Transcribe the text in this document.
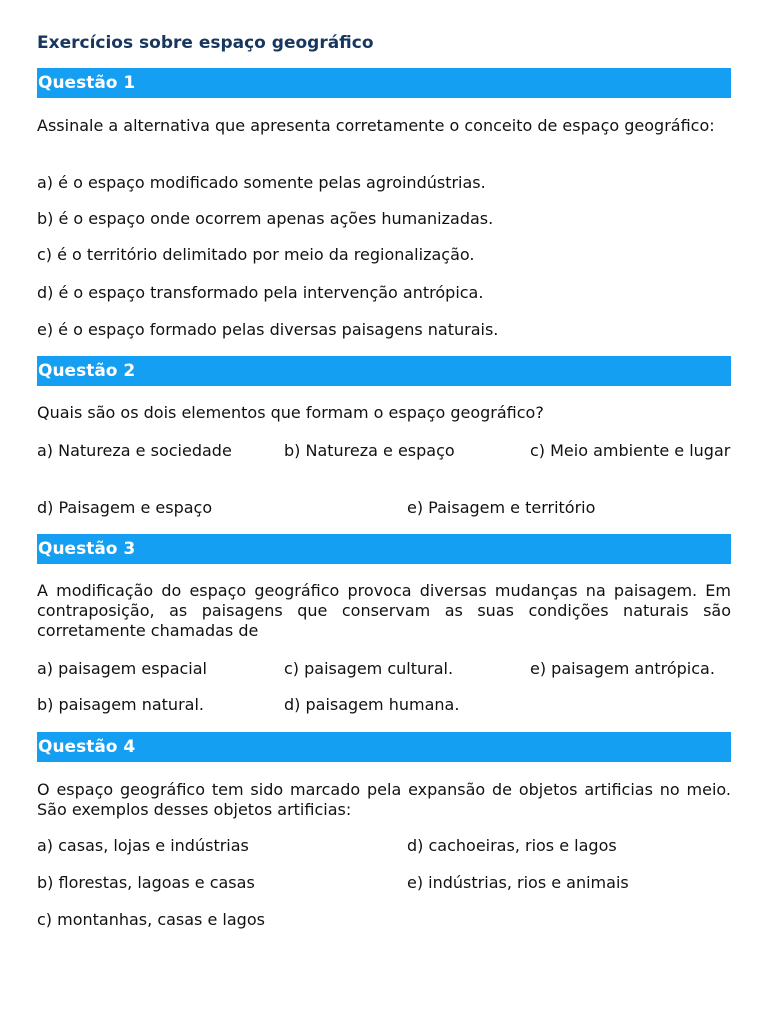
Exercícios sobre espaço geográfico
Questão 1
Assinale a alternativa que apresenta corretamente o conceito de espaço geográfico:
a) é o espaço modificado somente pelas agroindústrias.
b) é o espaço onde ocorrem apenas ações humanizadas.
c) é o território delimitado por meio da regionalização.
d) é o espaço transformado pela intervenção antrópica.
e) é o espaço formado pelas diversas paisagens naturais.
Questão 2
Quais são os dois elementos que formam o espaço geográfico?
a) Natureza e sociedade	b) Natureza e espaço	c) Meio ambiente e lugar
d) Paisagem e espaço	e) Paisagem e território
Questão 3
A modificação do espaço geográfico provoca diversas mudanças na paisagem. Em contraposição, as paisagens que conservam as suas condições naturais são corretamente chamadas de
a) paisagem espacial
b) paisagem natural.
c) paisagem cultural.
d) paisagem humana.
e) paisagem antrópica.
Questão 4
O espaço geográfico tem sido marcado pela expansão de objetos artificias no meio. São exemplos desses objetos artificias:
a) casas, lojas e indústrias
b) florestas, lagoas e casas
c) montanhas, casas e lagos
d) cachoeiras, rios e lagos
e) indústrias, rios e animais
